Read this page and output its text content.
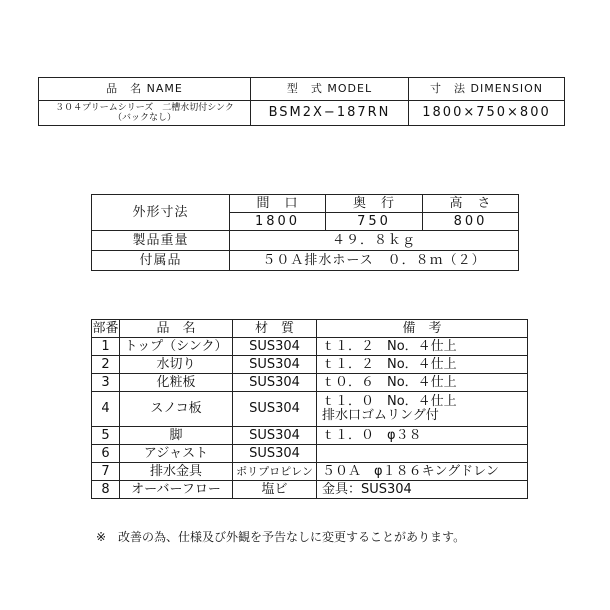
品　名 NAME	型　式 MODEL	寸　法 DIMENSION

３０４プリームシリーズ　二槽水切付シンク
（バックなし）	BSM2X−187RN	1800×750×800
外形寸法	間　口	奥　行	高　さ
	1800	750	800
製品重量	４９．８ｋｇ		
付属品	５０Ａ排水ホース　０．８ｍ（２）		
部番	品　名	材　質	備　考
1	トップ（シンク）	SUS304	ｔ１．２　No．４仕上
2	水切り	SUS304	ｔ１．２　No．４仕上
3	化粧板	SUS304	ｔ０．６　No．４仕上
4	スノコ板	SUS304	ｔ１．０　No．４仕上
排水口ゴムリング付

5	脚	SUS304	ｔ１．０　φ３８
6	アジャスト	SUS304	
7	排水金具	ポリプロピレン	５０Ａ　φ１８６キングドレン
8	オーバーフロー	塩ビ	金具：SUS304
※　改善の為、仕様及び外観を予告なしに変更することがあります。
